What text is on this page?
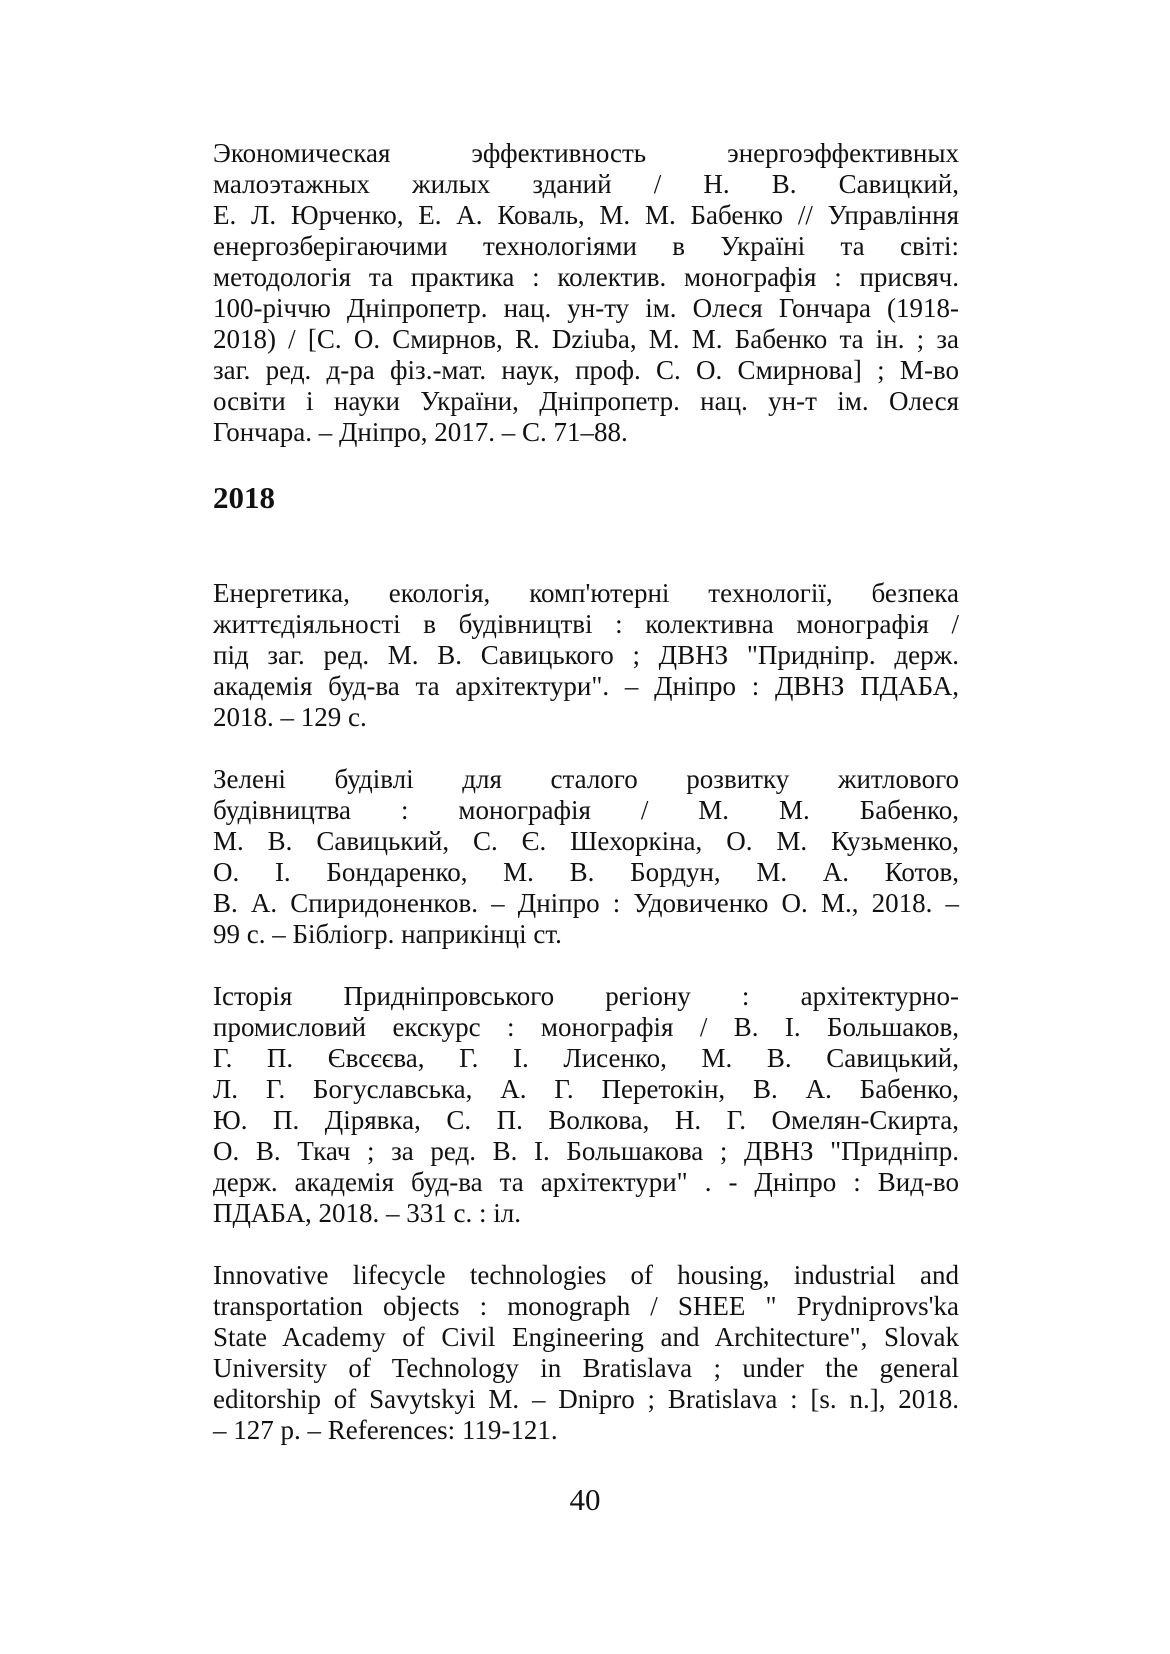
Экономическая эффективность энергоэффективных
малоэтажных жилых зданий / Н. В. Савицкий,
Е. Л. Юрченко, Е. А. Коваль, М. М. Бабенко // Управління
енергозберігаючими технологіями в Україні та світі:
методологія та практика : колектив. монографія : присвяч.
100-річчю Дніпропетр. нац. ун-ту ім. Олеся Гончара (1918-
2018) / [С. О. Смирнов, R. Dziuba, М. М. Бабенко та ін. ; за
заг. ред. д-ра фіз.-мат. наук, проф. С. О. Смирнова] ; М-во
освіти і науки України, Дніпропетр. нац. ун-т ім. Олеся
Гончара. – Дніпро, 2017. – С. 71–88.
2018
Енергетика, екологія, комп'ютерні технології, безпека
життєдіяльності в будівництві : колективна монографія /
під заг. ред. М. В. Савицького ; ДВНЗ "Придніпр. держ.
академія буд-ва та архітектури". – Дніпро : ДВНЗ ПДАБА,
2018. – 129 с.
Зелені будівлі для сталого розвитку житлового
будівництва : монографія / М. М. Бабенко,
М. В. Савицький, С. Є. Шехоркіна, О. М. Кузьменко,
О. І. Бондаренко, М. В. Бордун, М. А. Котов,
В. А. Спиридоненков. – Дніпро : Удовиченко О. М., 2018. –
99 с. – Бібліогр. наприкінці ст.
Історія Придніпровського регіону : архітектурно-
промисловий екскурс : монографія / В. І. Большаков,
Г. П. Євсєєва, Г. І. Лисенко, М. В. Савицький,
Л. Г. Богуславська, А. Г. Перетокін, В. А. Бабенко,
Ю. П. Дірявка, С. П. Волкова, Н. Г. Омелян-Скирта,
О. В. Ткач ; за ред. В. І. Большакова ; ДВНЗ "Придніпр.
держ. академія буд-ва та архітектури" . - Дніпро : Вид-во
ПДАБА, 2018. – 331 с. : іл.
Innovative lifecycle technologies of housing, industrial and
transportation objects : monograph / SHEE " Prydniprovs'ka
State Academy of Civil Engineering and Architecture", Slovak
University of Technology in Bratislava ; under the general
editorship of Savytskyi M. – Dnipro ; Bratislava : [s. n.], 2018.
– 127 p. – References: 119-121.
40
